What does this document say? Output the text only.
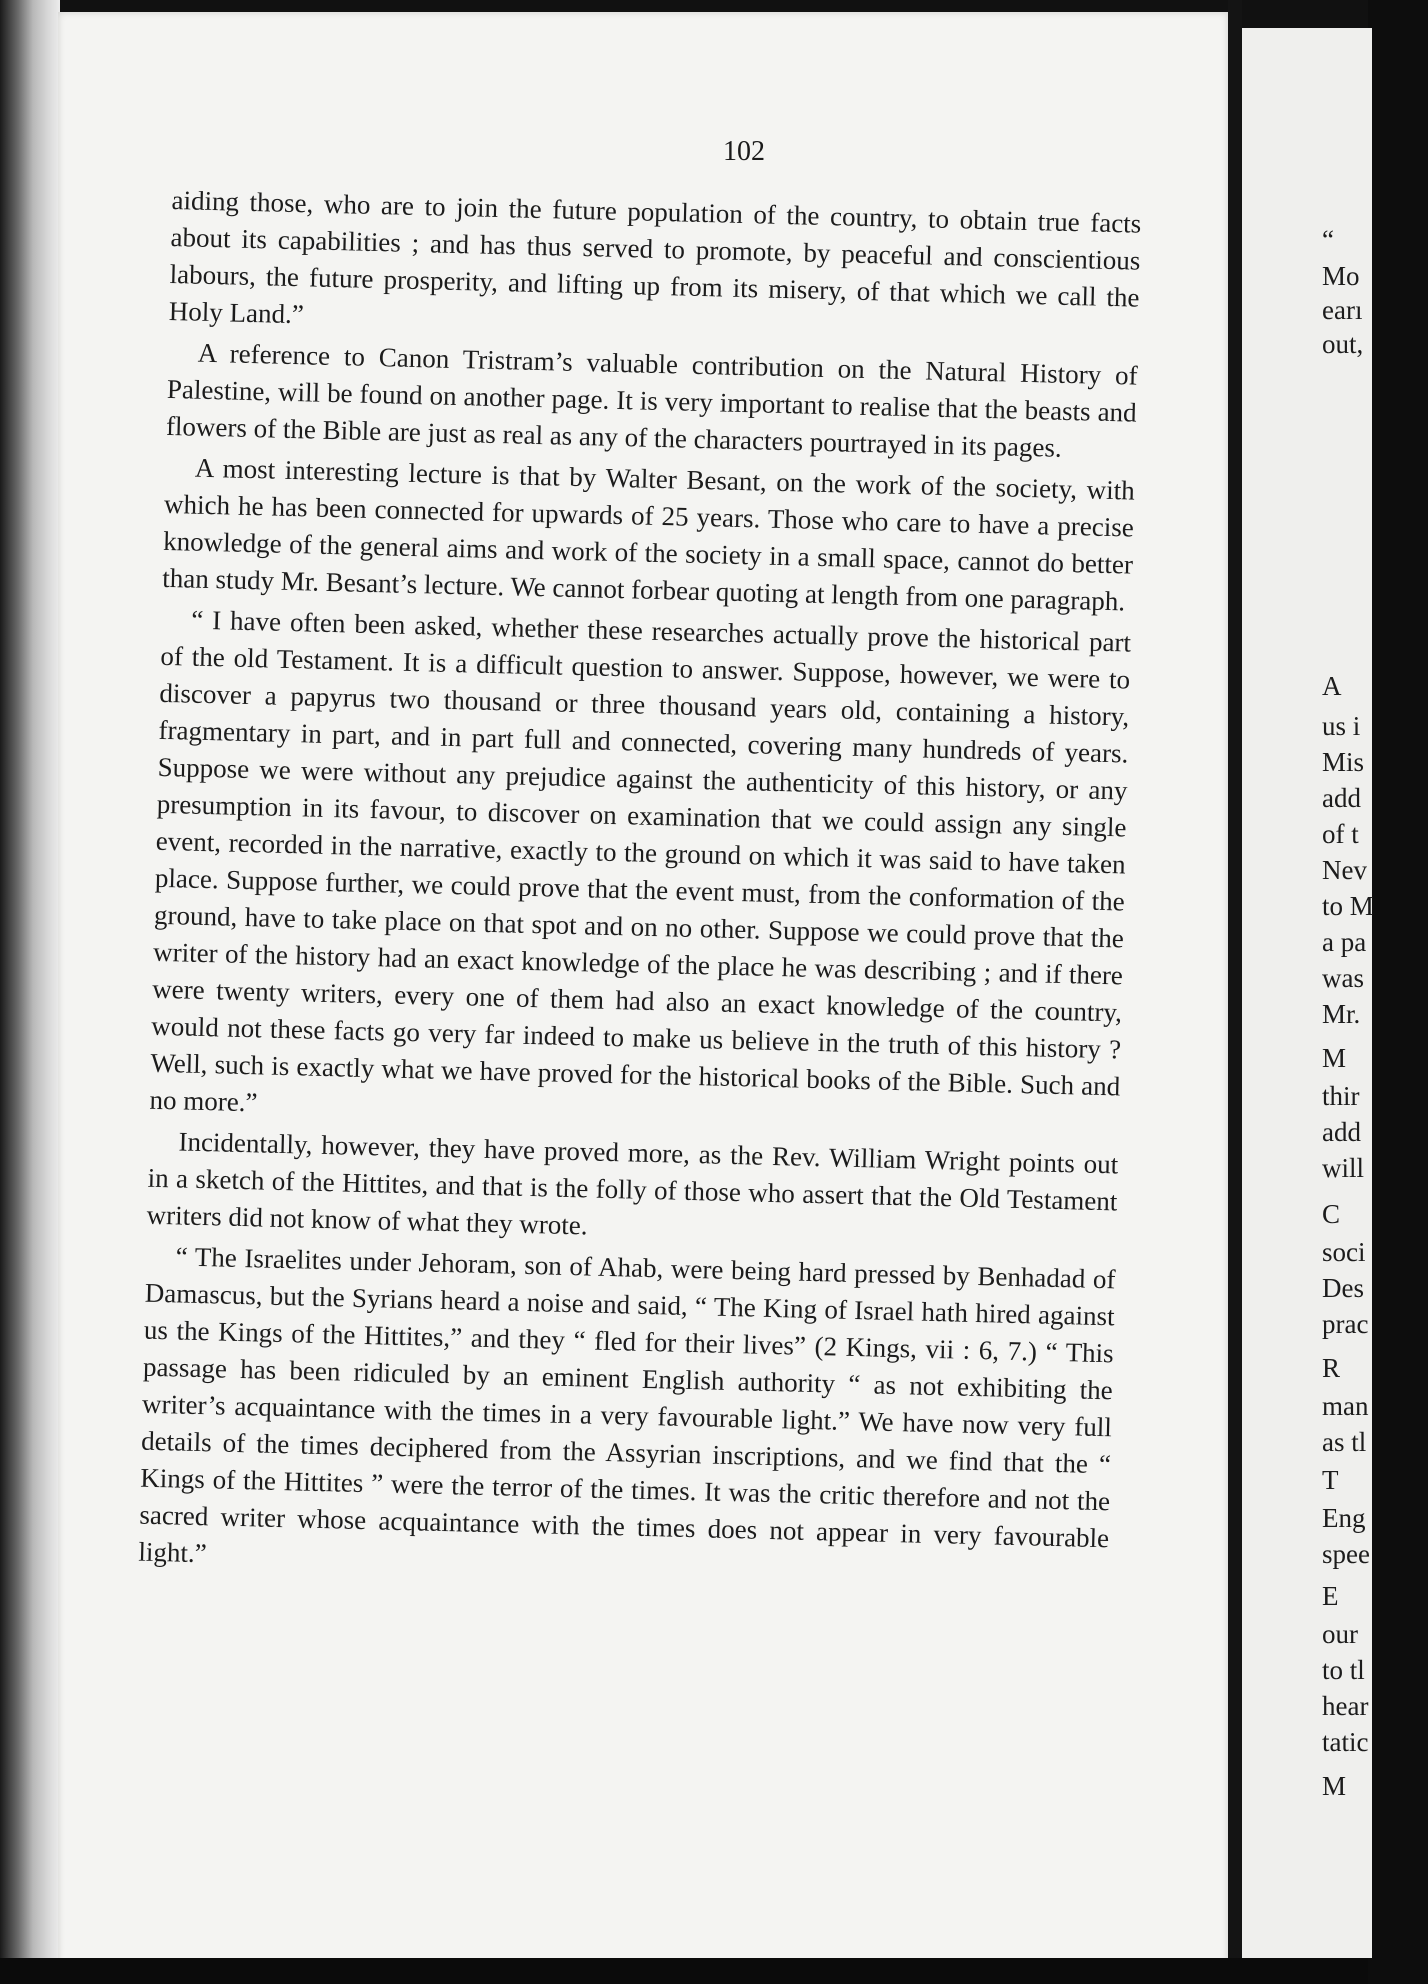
102

aiding those, who are to join the future population of the country, to obtain true facts about its capabilities ; and has thus served to promote, by peaceful and conscientious labours, the future prosperity, and lifting up from its misery, of that which we call the Holy Land.”

A reference to Canon Tristram’s valuable contribution on the Natural History of Palestine, will be found on another page. It is very important to realise that the beasts and flowers of the Bible are just as real as any of the characters pourtrayed in its pages.

A most interesting lecture is that by Walter Besant, on the work of the society, with which he has been connected for upwards of 25 years. Those who care to have a precise knowledge of the general aims and work of the society in a small space, cannot do better than study Mr. Besant’s lecture. We cannot forbear quoting at length from one paragraph.

“ I have often been asked, whether these researches actually prove the historical part of the old Testament. It is a difficult question to answer. Suppose, however, we were to discover a papyrus two thousand or three thousand years old, containing a history, fragmentary in part, and in part full and connected, covering many hundreds of years. Suppose we were without any prejudice against the authenticity of this history, or any presumption in its favour, to discover on examination that we could assign any single event, recorded in the narrative, exactly to the ground on which it was said to have taken place. Suppose further, we could prove that the event must, from the conformation of the ground, have to take place on that spot and on no other. Suppose we could prove that the writer of the history had an exact knowledge of the place he was describing ; and if there were twenty writers, every one of them had also an exact knowledge of the country, would not these facts go very far indeed to make us believe in the truth of this history ? Well, such is exactly what we have proved for the historical books of the Bible. Such and no more.”

Incidentally, however, they have proved more, as the Rev. William Wright points out in a sketch of the Hittites, and that is the folly of those who assert that the Old Testament writers did not know of what they wrote.

“ The Israelites under Jehoram, son of Ahab, were being hard pressed by Benhadad of Damascus, but the Syrians heard a noise and said, “ The King of Israel hath hired against us the Kings of the Hittites,” and they “ fled for their lives” (2 Kings, vii : 6, 7.) “ This passage has been ridiculed by an eminent English authority “ as not exhibiting the writer’s acquaintance with the times in a very favourable light.” We have now very full details of the times deciphered from the Assyrian inscriptions, and we find that the “ Kings of the Hittites ” were the terror of the times. It was the critic therefore and not the sacred writer whose acquaintance with the times does not appear in very favourable light.”

“
Mo
earı
out,
A
us i
Mis
add
of t
Nev
to M
a pa
was
Mr.
M
thir
add
will
C
soci
Des
prac
R
man
as tl
T
Eng
spee
E
our
to tl
hear
tatic
M
